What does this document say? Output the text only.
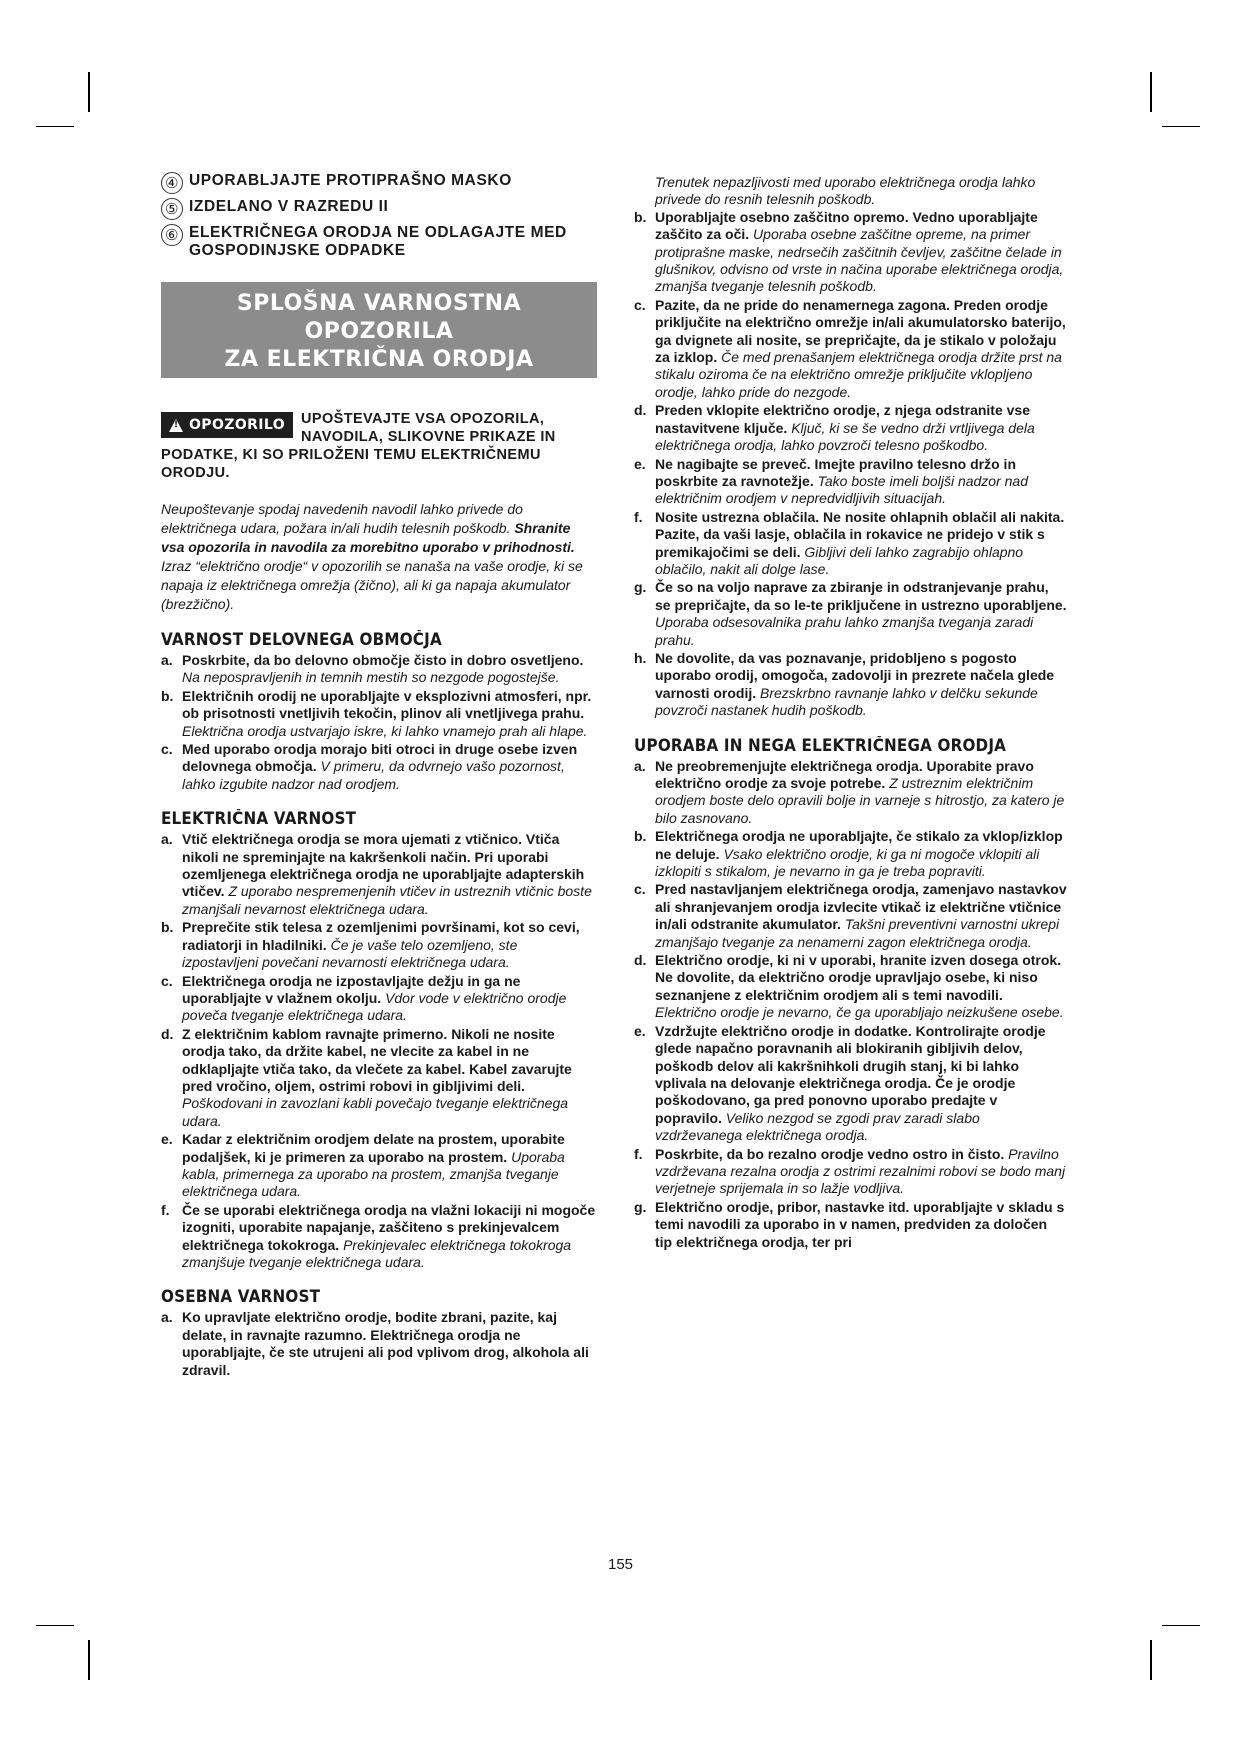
④ UPORABLJAJTE PROTIPRAŠNO MASKO
⑤ IZDELANO V RAZREDU II
⑥ ELEKTRIČNEGA ORODJA NE ODLAGAJTE MED GOSPODINJSKE ODPADKE
SPLOŠNA VARNOSTNA OPOZORILA
ZA ELEKTRIČNA ORODJA
!
OPOZORILO UPOŠTEVAJTE VSA OPOZORILA, NAVODILA, SLIKOVNE PRIKAZE IN PODATKE, KI SO PRILOŽENI TEMU ELEKTRIČNEMU ORODJU.
Neupoštevanje spodaj navedenih navodil lahko privede do električnega udara, požara in/ali hudih telesnih poškodb. Shranite vsa opozorila in navodila za morebitno uporabo v prihodnosti. Izraz “električno orodje“ v opozorilih se nanaša na vaše orodje, ki se napaja iz električnega omrežja (žično), ali ki ga napaja akumulator (brezžično).
VARNOST DELOVNEGA OBMOČJA
a. Poskrbite, da bo delovno območje čisto in dobro osvetljeno. Na nepospravljenih in temnih mestih so nezgode pogostejše.
b. Električnih orodij ne uporabljajte v eksplozivni atmosferi, npr. ob prisotnosti vnetljivih tekočin, plinov ali vnetljivega prahu. Električna orodja ustvarjajo iskre, ki lahko vnamejo prah ali hlape.
c. Med uporabo orodja morajo biti otroci in druge osebe izven delovnega območja. V primeru, da odvrnejo vašo pozornost, lahko izgubite nadzor nad orodjem.
ELEKTRIČNA VARNOST
a. Vtič električnega orodja se mora ujemati z vtičnico. Vtiča nikoli ne spreminjajte na kakršenkoli način. Pri uporabi ozemljenega električnega orodja ne uporabljajte adapterskih vtičev. Z uporabo nespremenjenih vtičev in ustreznih vtičnic boste zmanjšali nevarnost električnega udara.
b. Preprečite stik telesa z ozemljenimi površinami, kot so cevi, radiatorji in hladilniki. Če je vaše telo ozemljeno, ste izpostavljeni povečani nevarnosti električnega udara.
c. Električnega orodja ne izpostavljajte dežju in ga ne uporabljajte v vlažnem okolju. Vdor vode v električno orodje poveča tveganje električnega udara.
d. Z električnim kablom ravnajte primerno. Nikoli ne nosite orodja tako, da držite kabel, ne vlecite za kabel in ne odklapljajte vtiča tako, da vlečete za kabel. Kabel zavarujte pred vročino, oljem, ostrimi robovi in gibljivimi deli. Poškodovani in zavozlani kabli povečajo tveganje električnega udara.
e. Kadar z električnim orodjem delate na prostem, uporabite podaljšek, ki je primeren za uporabo na prostem. Uporaba kabla, primernega za uporabo na prostem, zmanjša tveganje električnega udara.
f. Če se uporabi električnega orodja na vlažni lokaciji ni mogoče izogniti, uporabite napajanje, zaščiteno s prekinjevalcem električnega tokokroga. Prekinjevalec električnega tokokroga zmanjšuje tveganje električnega udara.
OSEBNA VARNOST
a. Ko upravljate električno orodje, bodite zbrani, pazite, kaj delate, in ravnajte razumno. Električnega orodja ne uporabljajte, če ste utrujeni ali pod vplivom drog, alkohola ali zdravil.
Trenutek nepazljivosti med uporabo električnega orodja lahko privede do resnih telesnih poškodb.
b. Uporabljajte osebno zaščitno opremo. Vedno uporabljajte zaščito za oči. Uporaba osebne zaščitne opreme, na primer protiprašne maske, nedrsečih zaščitnih čevljev, zaščitne čelade in glušnikov, odvisno od vrste in načina uporabe električnega orodja, zmanjša tveganje telesnih poškodb.
c. Pazite, da ne pride do nenamernega zagona. Preden orodje priključite na električno omrežje in/ali akumulatorsko baterijo, ga dvignete ali nosite, se prepričajte, da je stikalo v položaju za izklop. Če med prenašanjem električnega orodja držite prst na stikalu oziroma če na električno omrežje priključite vklopljeno orodje, lahko pride do nezgode.
d. Preden vklopite električno orodje, z njega odstranite vse nastavitvene ključe. Ključ, ki se še vedno drži vrtljivega dela električnega orodja, lahko povzroči telesno poškodbo.
e. Ne nagibajte se preveč. Imejte pravilno telesno držo in poskrbite za ravnotežje. Tako boste imeli boljši nadzor nad električnim orodjem v nepredvidljivih situacijah.
f. Nosite ustrezna oblačila. Ne nosite ohlapnih oblačil ali nakita. Pazite, da vaši lasje, oblačila in rokavice ne pridejo v stik s premikajočimi se deli. Gibljivi deli lahko zagrabijo ohlapno oblačilo, nakit ali dolge lase.
g. Če so na voljo naprave za zbiranje in odstranjevanje prahu, se prepričajte, da so le-te priključene in ustrezno uporabljene. Uporaba odsesovalnika prahu lahko zmanjša tveganja zaradi prahu.
h. Ne dovolite, da vas poznavanje, pridobljeno s pogosto uporabo orodij, omogoča, zadovolji in prezrete načela glede varnosti orodij. Brezskrbno ravnanje lahko v delčku sekunde povzroči nastanek hudih poškodb.
UPORABA IN NEGA ELEKTRIČNEGA ORODJA
a. Ne preobremenjujte električnega orodja. Uporabite pravo električno orodje za svoje potrebe. Z ustreznim električnim orodjem boste delo opravili bolje in varneje s hitrostjo, za katero je bilo zasnovano.
b. Električnega orodja ne uporabljajte, če stikalo za vklop/izklop ne deluje. Vsako električno orodje, ki ga ni mogoče vklopiti ali izklopiti s stikalom, je nevarno in ga je treba popraviti.
c. Pred nastavljanjem električnega orodja, zamenjavo nastavkov ali shranjevanjem orodja izvlecite vtikač iz električne vtičnice in/ali odstranite akumulator. Takšni preventivni varnostni ukrepi zmanjšajo tveganje za nenamerni zagon električnega orodja.
d. Električno orodje, ki ni v uporabi, hranite izven dosega otrok. Ne dovolite, da električno orodje upravljajo osebe, ki niso seznanjene z električnim orodjem ali s temi navodili. Električno orodje je nevarno, če ga uporabljajo neizkušene osebe.
e. Vzdržujte električno orodje in dodatke. Kontrolirajte orodje glede napačno poravnanih ali blokiranih gibljivih delov, poškodb delov ali kakršnihkoli drugih stanj, ki bi lahko vplivala na delovanje električnega orodja. Če je orodje poškodovano, ga pred ponovno uporabo predajte v popravilo. Veliko nezgod se zgodi prav zaradi slabo vzdrževanega električnega orodja.
f. Poskrbite, da bo rezalno orodje vedno ostro in čisto. Pravilno vzdrževana rezalna orodja z ostrimi rezalnimi robovi se bodo manj verjetneje sprijemala in so lažje vodljiva.
g. Električno orodje, pribor, nastavke itd. uporabljajte v skladu s temi navodili za uporabo in v namen, predviden za določen tip električnega orodja, ter pri
155
